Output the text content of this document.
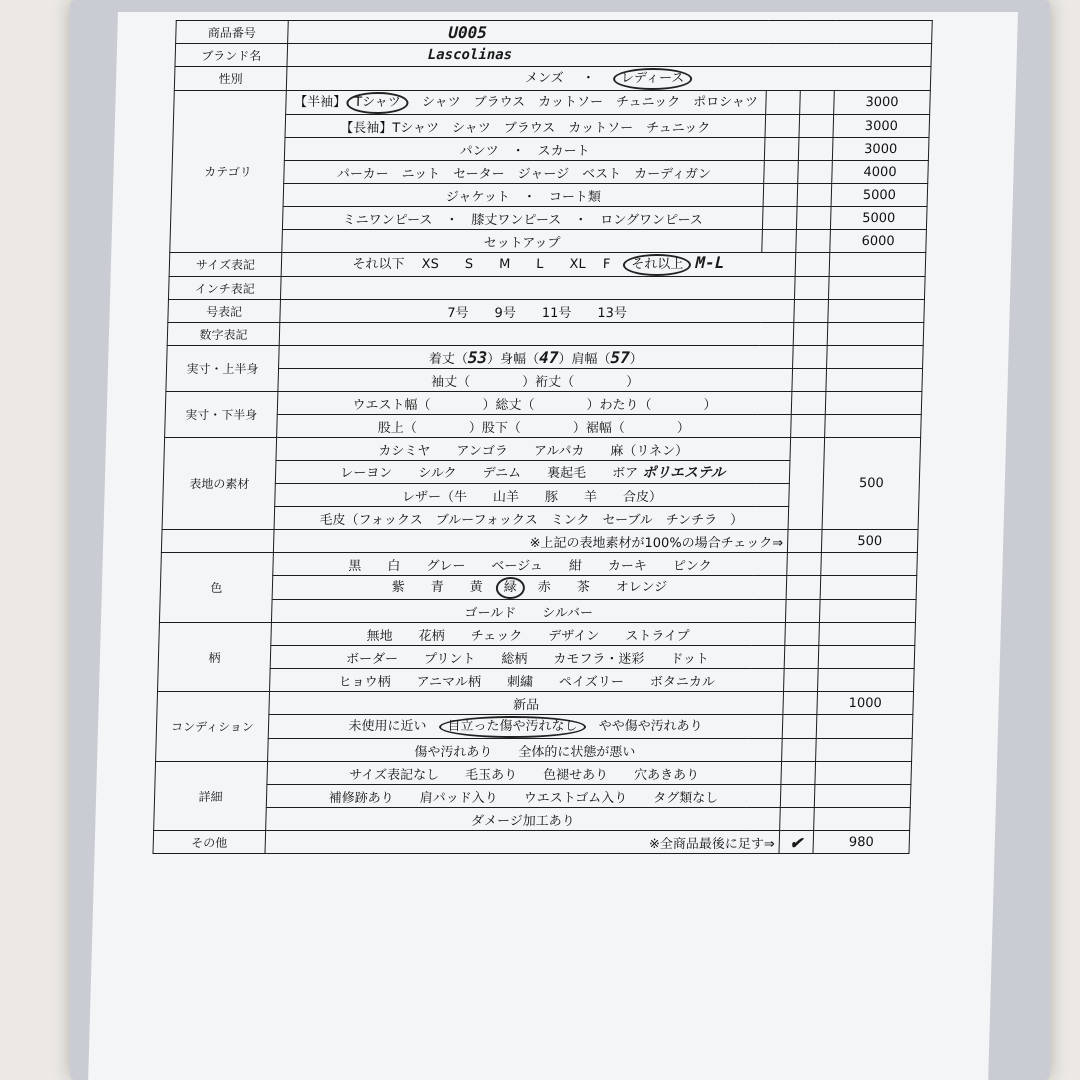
商品番号	U005			
ブランド名	Lascolinas			
性別	メンズ ・ レディース			
カテゴリ	【半袖】 Tシャツ　 シャツ　ブラウス　カットソー　チュニック　ポロシャツ			3000
	【長袖】Tシャツ　シャツ　ブラウス　カットソー　チュニック			3000
	パンツ　・　スカート			3000
	パーカー　ニット　セーター　ジャージ　ベスト　カーディガン			4000
	ジャケット　・　コート類			5000
	ミニワンピース　・　膝丈ワンピース　・　ロングワンピース			5000
	セットアップ			6000
サイズ表記	それ以下　 XS　　S　　M　　L　　XL　 F　 それ以上 M-L			
インチ表記				
号表記	7号　　9号　　11号　　13号			
数字表記				
実寸・上半身	着丈（53）身幅（47）肩幅（57）			
	袖丈（　　　　）裄丈（　　　　）			
実寸・下半身	ウエスト幅（　　　　）総丈（　　　　）わたり（　　　　）			
	股上（　　　　）股下（　　　　）裾幅（　　　　）			
表地の素材	カシミヤ　　アンゴラ　　アルパカ　　麻（リネン）			500
	レーヨン　　シルク　　デニム　　裏起毛　　ボア ポリエステル			
	レザー（牛　　山羊　　豚　　羊　　合皮）			
	毛皮（フォックス　ブルーフォックス　ミンク　セーブル　チンチラ　）			
	※上記の表地素材が100%の場合チェック⇒			500
色	黒　　白　　グレー　　ベージュ　　紺　　カーキ　　ピンク			
	紫　　青　　黄　 緑　 赤　　茶　　オレンジ			
	ゴールド　　シルバー			
柄	無地　　花柄　　チェック　　デザイン　　ストライプ			
	ボーダー　　プリント　　総柄　　カモフラ・迷彩　　ドット			
	ヒョウ柄　　アニマル柄　　刺繍　　ペイズリー　　ボタニカル			
コンディション	新品			1000
	未使用に近い　 目立った傷や汚れなし　 やや傷や汚れあり			
	傷や汚れあり　　全体的に状態が悪い			
詳細	サイズ表記なし　　毛玉あり　　色褪せあり　　穴あきあり			
	補修跡あり　　肩パッド入り　　ウエストゴム入り　　タグ類なし			
	ダメージ加工あり			
その他	※全商品最後に足す⇒		✔	980
